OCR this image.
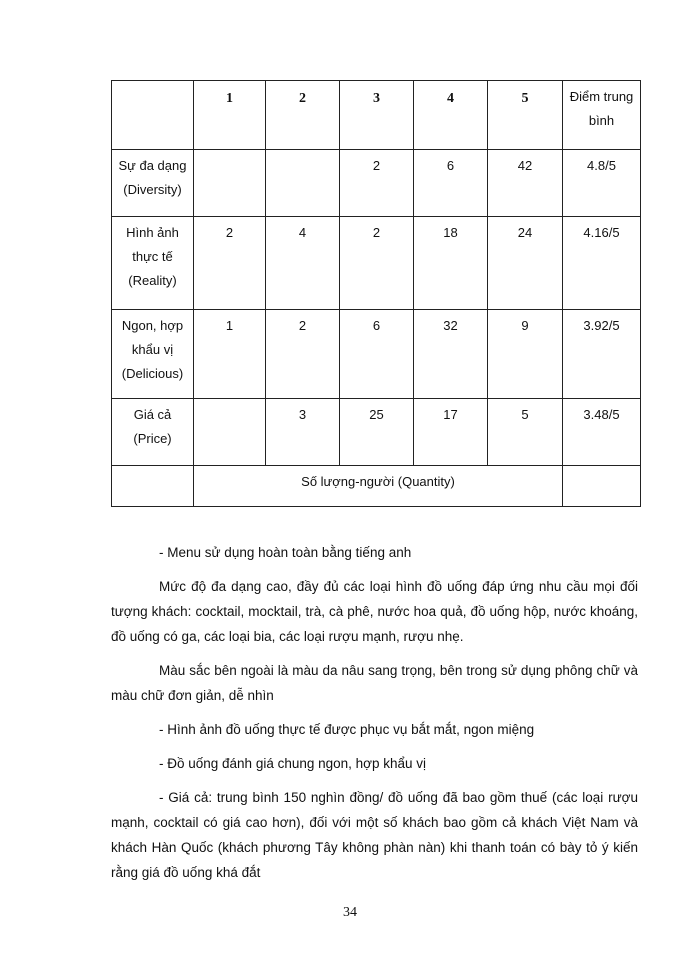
	1	2	3	4	5	Điểm trung bình
Sự đa dạng (Diversity)			2	6	42	4.8/5
Hình ảnh thực tế (Reality)	2	4	2	18	24	4.16/5
Ngon, hợp khẩu vị (Delicious)	1	2	6	32	9	3.92/5
Giá cả (Price)		3	25	17	5	3.48/5
	Số lượng-người (Quantity)					

- Menu sử dụng hoàn toàn bằng tiếng anh

Mức độ đa dạng cao, đầy đủ các loại hình đồ uống đáp ứng nhu cầu mọi đối tượng khách: cocktail, mocktail, trà, cà phê, nước hoa quả, đồ uống hộp, nước khoáng, đồ uống có ga, các loại bia, các loại rượu mạnh, rượu nhẹ.

Màu sắc bên ngoài là màu da nâu sang trọng, bên trong sử dụng phông chữ và màu chữ đơn giản, dễ nhìn

- Hình ảnh đồ uống thực tế được phục vụ bắt mắt, ngon miệng

- Đồ uống đánh giá chung ngon, hợp khẩu vị

- Giá cả: trung bình 150 nghìn đồng/ đồ uống đã bao gồm thuế (các loại rượu mạnh, cocktail có giá cao hơn), đối với một số khách bao gồm cả khách Việt Nam và khách Hàn Quốc (khách phương Tây không phàn nàn) khi thanh toán có bày tỏ ý kiến rằng giá đồ uống khá đắt

34
